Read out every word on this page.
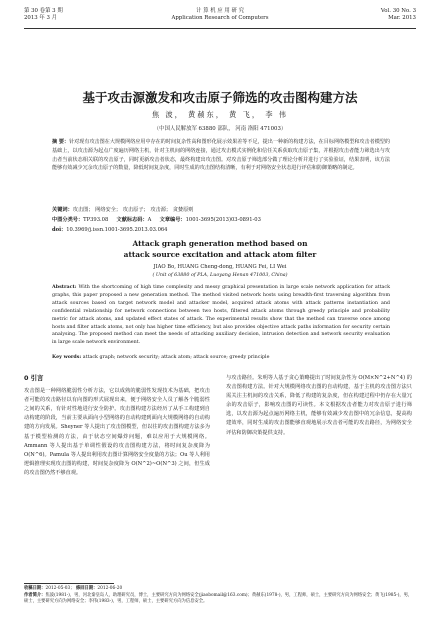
第 30 卷第 3 期
2013 年 3 月
计 算 机 应 用 研 究
Application Research of Computers
Vol. 30 No. 3
Mar. 2013
基于攻击源激发和攻击原子筛选的攻击图构建方法
焦 波， 黄赪东， 黄 飞， 李 伟
（中国人民解放军 63880 部队， 河南 洛阳 471003）
摘 要：针对现有攻击图在大规模网络应用中存在的时间复杂性高和图形化展示效果差等不足，提出一种新的构建方法，在目标网络模型和攻击者模型的基础上，以攻击源为起点广度遍历网络主机，针对主机间的网络连接，通过攻击模式实例化和信任关系获取攻击原子集，并根据攻击者能力筛选出与攻击者当前状态相关联的攻击原子，同时更新攻击者状态，最终构建出攻击图。对攻击原子筛选部分做了理论分析并进行了实验验证，结果表明，该方法能够有效减少冗余攻击原子的数量，降低时间复杂度，同时生成的攻击图结构清晰，有利于对网络安全状态进行评估和防御策略的制定。
关键词：攻击图； 网络安全； 攻击原子； 攻击源； 贪婪原则
中图分类号：TP393.08 文献标志码：A 文章编号：1001-3695(2013)03-0891-03
doi：10.3969/j.issn.1001-3695.2013.03.064
Attack graph generation method based on
attack source excitation and attack atom filter
JIAO Bo, HUANG Cheng-dong, HUANG Fei, LI Wei
( Unit of 63880 of PLA, Luoyang Henan 471003, China)
Abstract: With the shortcoming of high time complexity and messy graphical presentation in large scale network application for attack graphs, this paper proposed a new generation method. The method visited network hosts using breadth-first traversing algorithm from attack sources based on target network model and attacker model, acquired attack atoms with attack patterns instantiation and confidential relationship for network connections between two hosts, filtered attack atoms through greedy principle and probability metric for attack atoms, and updated effect states of attack. The experimental results show that the method can traverse once among hosts and filter attack atoms, not only has higher time efficiency, but also provides objective attack paths information for security certain analysing. The proposed method can meet the needs of attacking auxiliary decision, intrusion detection and network security evaluation in large scale network environment.
Key words: attack graph; network security; attack atom; attack source; greedy principle
0 引言
攻击图是一种网络脆弱性分析方法，它以成熟的脆弱性发现技术为基础，把攻击者可能的攻击路径以有向图的形式展现出来，便于网络安全人员了解各个脆弱性之间的关系，有针对性地进行安全防护。攻击图构建方法经历了从手工构建到自动构建的阶段，当前主要从面向小型网络的自动构建到面向大规模网络的自动构建的方向发展。Sheyner 等人提出了攻击图模型，但以往的攻击图构建方法多为基于模型检测的方法，由于状态空间爆炸问题，难以应用于大规模网络。Ammann 等人提出基于单调性假设的攻击图构建方法，将时间复杂度降为 O(N^6)。Pamula 等人提出利用攻击图计算网络安全度量的方法；Ou 等人利用逻辑推理实现攻击图的构建，时间复杂度降为 O(N^2)~O(N^3) 之间，但生成的攻击图仍然不够直观。
与攻击路径。朱明等人基于贪心策略提出了时间复杂性为 O(M×N^2+N^4) 的攻击图构建方法。针对大规模网络攻击图的自动构建，基于主机的攻击图方法只需关注主机间的攻击关系，降低了构建的复杂度，但在构建过程中仍存在大量冗余的攻击原子，影响攻击图的可读性。本文根据攻击者能力对攻击原子进行筛选，以攻击源为起点遍历网络主机，能够有效减少攻击图中的冗余信息，提高构建效率，同时生成的攻击图能够直观地展示攻击者可能的攻击路径，为网络安全评估和防御决策提供支持。
收稿日期：2012-05-03； 修回日期：2012-06-20
作者简介：焦波(1981-)，男，河北秦皇岛人，助理研究员，博士，主要研究方向为网络安全(jiaobomail@163.com)；黄赪东(1978-)，男，工程师，硕士，主要研究方向为网络安全；黄飞(1985-)，男，硕士，主要研究方向为网络安全；李伟(1983-)，男，工程师，硕士，主要研究方向为信息安全。
